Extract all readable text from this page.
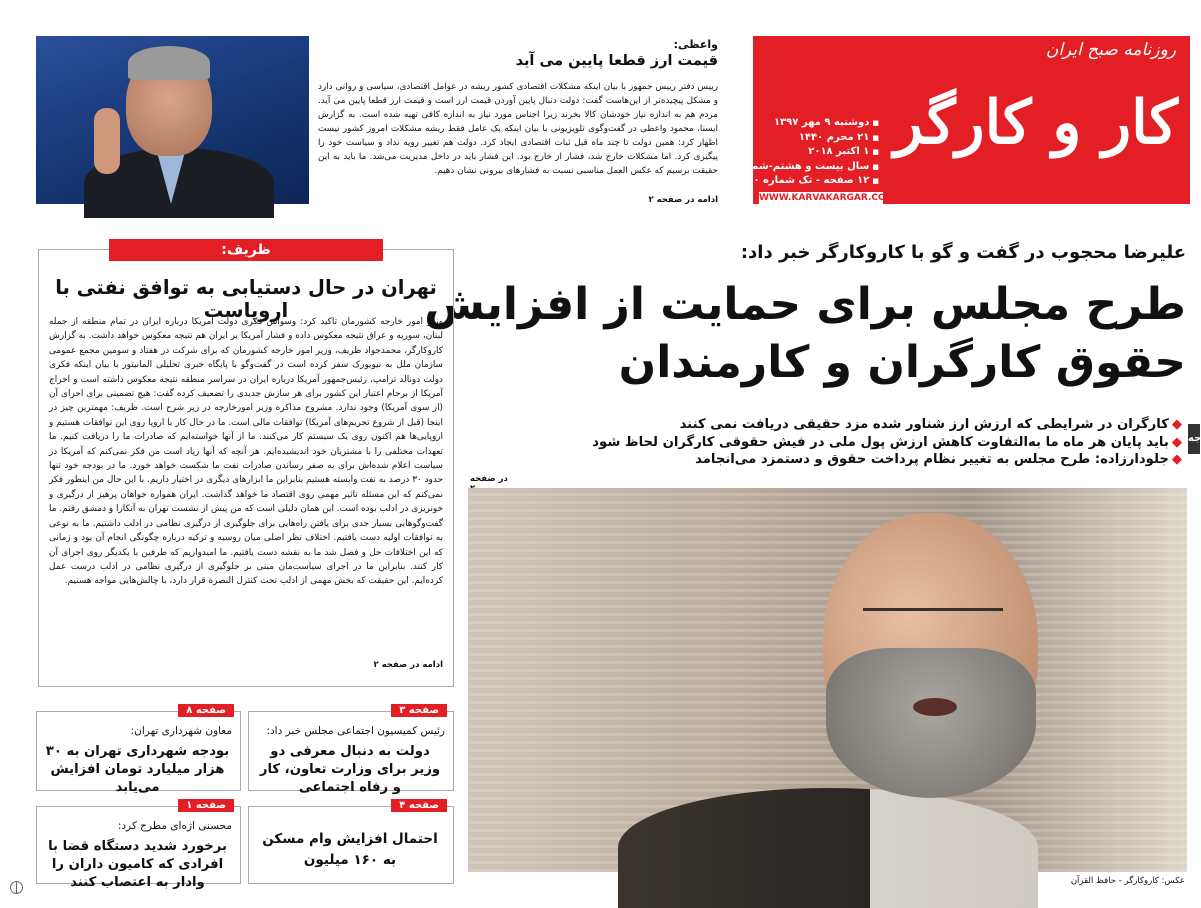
روزنامه صبح ایران
کار و کارگر
■ دوشنبه ۹ مهر ۱۳۹۷
■ ۲۱ محرم ۱۴۴۰
■ ۱ اکتبر ۲۰۱۸
■ سال بیست و هشتم-شماره ۷۸۸۲
■ ۱۲ صفحه - تک شماره ۱۰۰۰۰ ریال
WWW.KARVAKARGAR.COM
واعظی:
قیمت ارز قطعا پایین می آید
رییس دفتر رییس جمهور با بیان اینکه مشکلات اقتصادی کشور ریشه در عوامل اقتصادی، سیاسی و روانی دارد و مشکل پیچیده‌تر از این‌هاست گفت: دولت دنبال پایین آوردن قیمت ارز است و قیمت ارز قطعا پایین می آید. مردم هم به اندازه نیاز خودشان کالا بخرند زیرا اجناس مورد نیاز به اندازه کافی تهیه شده است. به گزارش ایسنا، محمود واعظی در گفت‌وگوی تلویزیونی با بیان اینکه یک عامل فقط ریشه مشکلات امروز کشور نیست اظهار کرد: همین دولت تا چند ماه قبل ثبات اقتصادی ایجاد کرد. دولت هم تغییر رویه نداد و سیاست خود را پیگیری کرد. اما مشکلات خارج شد، فشار از خارج بود. این فشار باید در داخل مدیریت می‌شد. ما باید به این حقیقت برسیم که عکس العمل مناسبی نسبت به فشارهای بیرونی نشان دهیم.
ادامه در صفحه ۲
علیرضا محجوب در گفت و گو با کاروکارگر خبر داد:
طرح مجلس برای حمایت از افزایش
حقوق کارگران و کارمندان
◆کارگران در شرایطی که ارزش ارز شناور شده مزد حقیقی دریافت نمی کنند
◆باید پایان هر ماه ما به‌التفاوت کاهش ارزش پول ملی در فیش حقوقی کارگران لحاظ شود
◆جلودارزاده: طرح مجلس به تغییر نظام پرداخت حقوق و دستمزد می‌انجامد
در صفحه
عکس: کاروکارگر - حافظ القرآن
ظریف:
تهران در حال دستیابی به توافق نفتی با اروپاست
وزیر امور خارجه کشورمان تاکید کرد: وسواس فکری دولت آمریکا درباره ایران در تمام منطقه از جمله لبنان، سوریه و عراق نتیجه معکوس داده و فشار آمریکا بر ایران هم نتیجه معکوس خواهد داشت. به گزارش کاروکارگر، محمدجواد ظریف، وزیر امور خارجه کشورمان که برای شرکت در هفتاد و سومین مجمع عمومی سازمان ملل به نیویورک سفر کرده است در گفت‌وگو با پایگاه خبری تحلیلی المانیتور با بیان اینکه فکری دولت دونالد ترامپ، رئیس‌جمهور آمریکا درباره ایران در سراسر منطقه نتیجه معکوس داشته است و اخراج آمریکا از برجام اعتبار این کشور برای هر سازش جدیدی را تضعیف کرده گفت: هیچ تضمینی برای اجرای آن (از سوی آمریکا) وجود ندارد. مشروح مذاکره وزیر امورخارجه در زیر شرح است. ظریف: مهمترین چیز در اینجا (قبل از شروع تحریم‌های آمریکا) توافقات مالی است. ما در حال کار با اروپا روی این توافقات هستیم و اروپایی‌ها هم اکنون روی یک سیستم کار می‌کنند. ما از آنها خواسته‌ایم که صادرات ما را دریافت کنیم. ما تعهدات مختلفی را با مشتریان خود اندیشیده‌ایم. هر آنچه که آنها زیاد است من فکر نمی‌کنم که آمریکا در سیاست اعلام شده‌اش برای به صفر رساندن صادرات نفت ما شکست خواهد خورد. ما در بودجه خود تنها حدود ۳۰ درصد به نفت وابسته هستیم بنابراین ما ابزارهای دیگری در اختیار داریم. با این حال من اینطور فکر نمی‌کنم که این مسئله تاثیر مهمی روی اقتصاد ما خواهد گذاشت. ایران همواره خواهان پرهیز از درگیری و خونریزی در ادلب بوده است. این همان دلیلی است که من پیش از نشست تهران به آنکارا و دمشق رفتم. ما گفت‌وگوهایی بسیار جدی برای یافتن راه‌هایی برای جلوگیری از درگیری نظامی در ادلب داشتیم. ما به نوعی به توافقات اولیه دست یافتیم. اختلاف نظر اصلی میان روسیه و ترکیه درباره چگونگی انجام آن بود و زمانی که این اختلافات حل و فصل شد ما به نقشه دست یافتیم. ما امیدواریم که طرفین با یکدیگر روی اجرای آن کار کنند. بنابراین ما در اجرای سیاست‌مان مبنی بر جلوگیری از درگیری نظامی در ادلب درست عمل کرده‌ایم. این حقیقت که بخش مهمی از ادلب تحت کنترل النصره قرار دارد، با چالش‌هایی مواجه هستیم.
ادامه در صفحه ۲
صفحه ۳
رئیس کمیسیون اجتماعی مجلس خبر داد:
دولت به دنبال معرفی دو وزیر برای وزارت تعاون، کار و رفاه اجتماعی
صفحه ۸
معاون شهرداری تهران:
بودجه شهرداری تهران به ۳۰ هزار میلیارد تومان افزایش می‌یابد
صفحه ۴
احتمال افزایش وام مسکن به ۱۶۰ میلیون
صفحه ۱
محسنی اژه‌ای مطرح کرد:
برخورد شدید دستگاه قضا با افرادی که کامیون داران را وادار به اعتصاب کنند
جه
